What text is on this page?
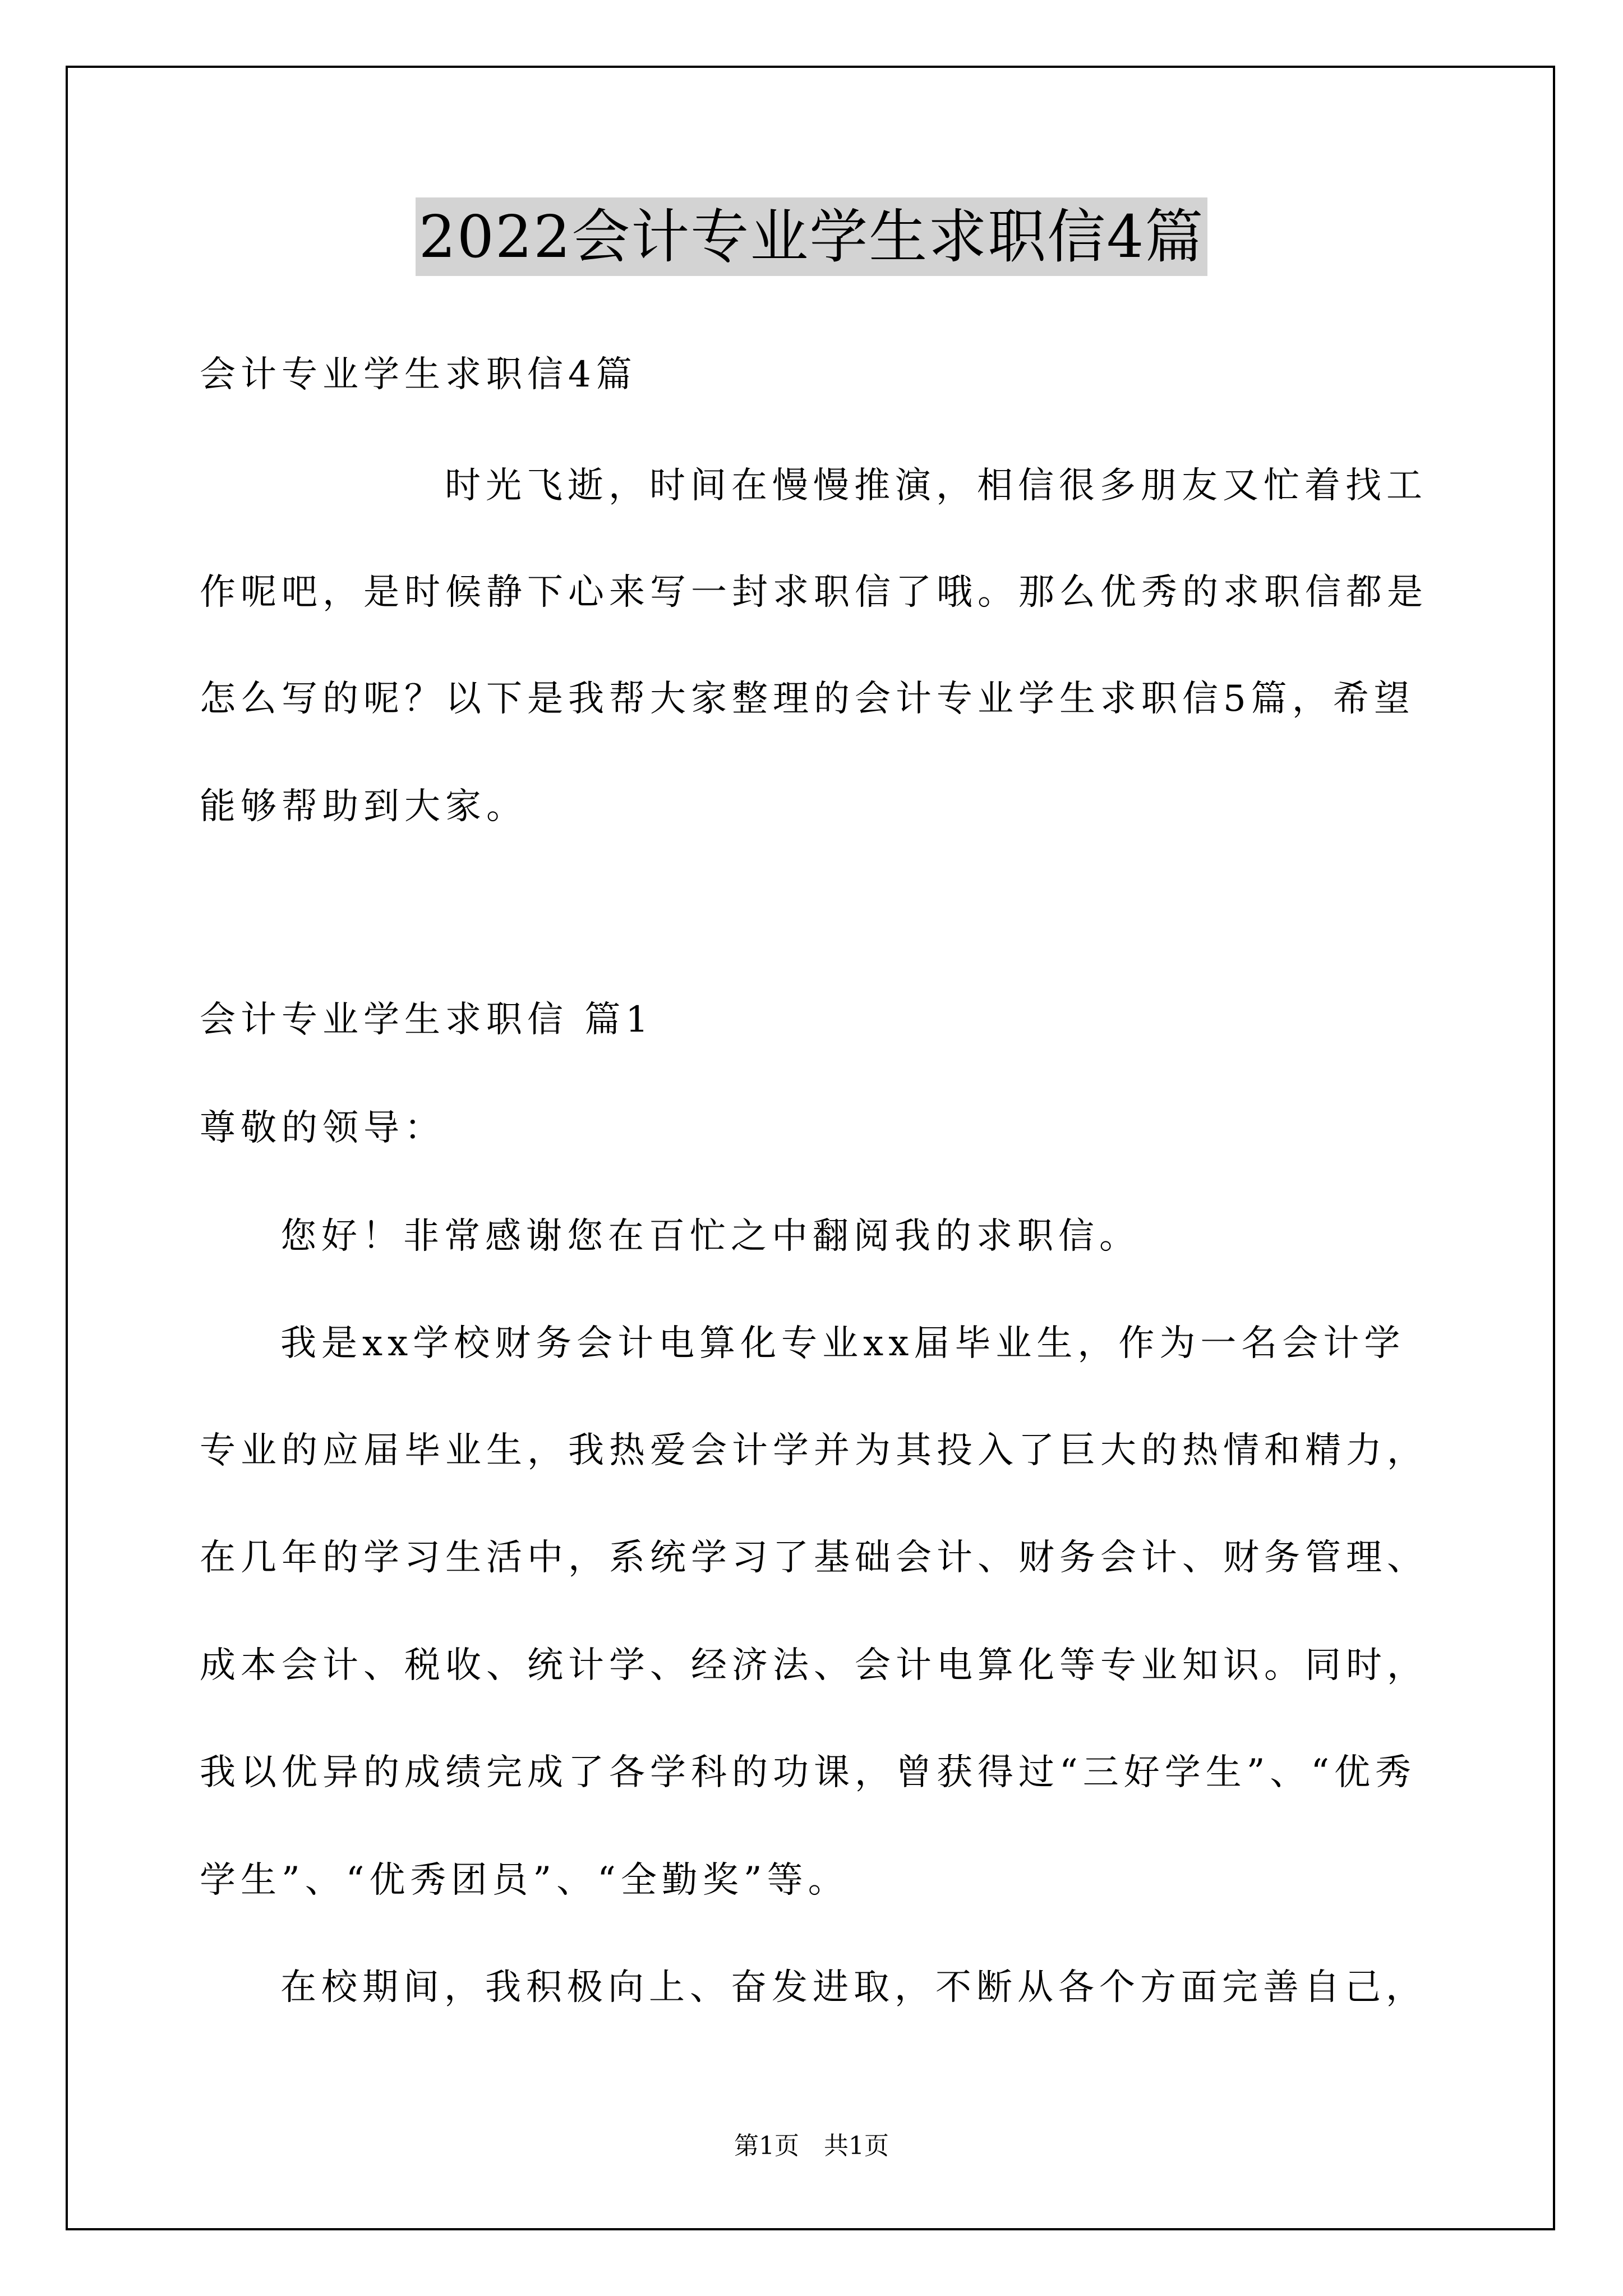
2022会计专业学生求职信4篇
会计专业学生求职信4篇
时光飞逝，时间在慢慢推演，相信很多朋友又忙着找工
作呢吧，是时候静下心来写一封求职信了哦。那么优秀的求职信都是
怎么写的呢？以下是我帮大家整理的会计专业学生求职信5篇，希望
能够帮助到大家。
会计专业学生求职信 篇1
尊敬的领导：
您好！非常感谢您在百忙之中翻阅我的求职信。
我是xx学校财务会计电算化专业xx届毕业生，作为一名会计学
专业的应届毕业生，我热爱会计学并为其投入了巨大的热情和精力，
在几年的学习生活中，系统学习了基础会计、财务会计、财务管理、
成本会计、税收、统计学、经济法、会计电算化等专业知识。同时，
我以优异的成绩完成了各学科的功课，曾获得过“三好学生”、“优秀
学生”、“优秀团员”、“全勤奖”等。
在校期间，我积极向上、奋发进取，不断从各个方面完善自己，
第1页　共1页
